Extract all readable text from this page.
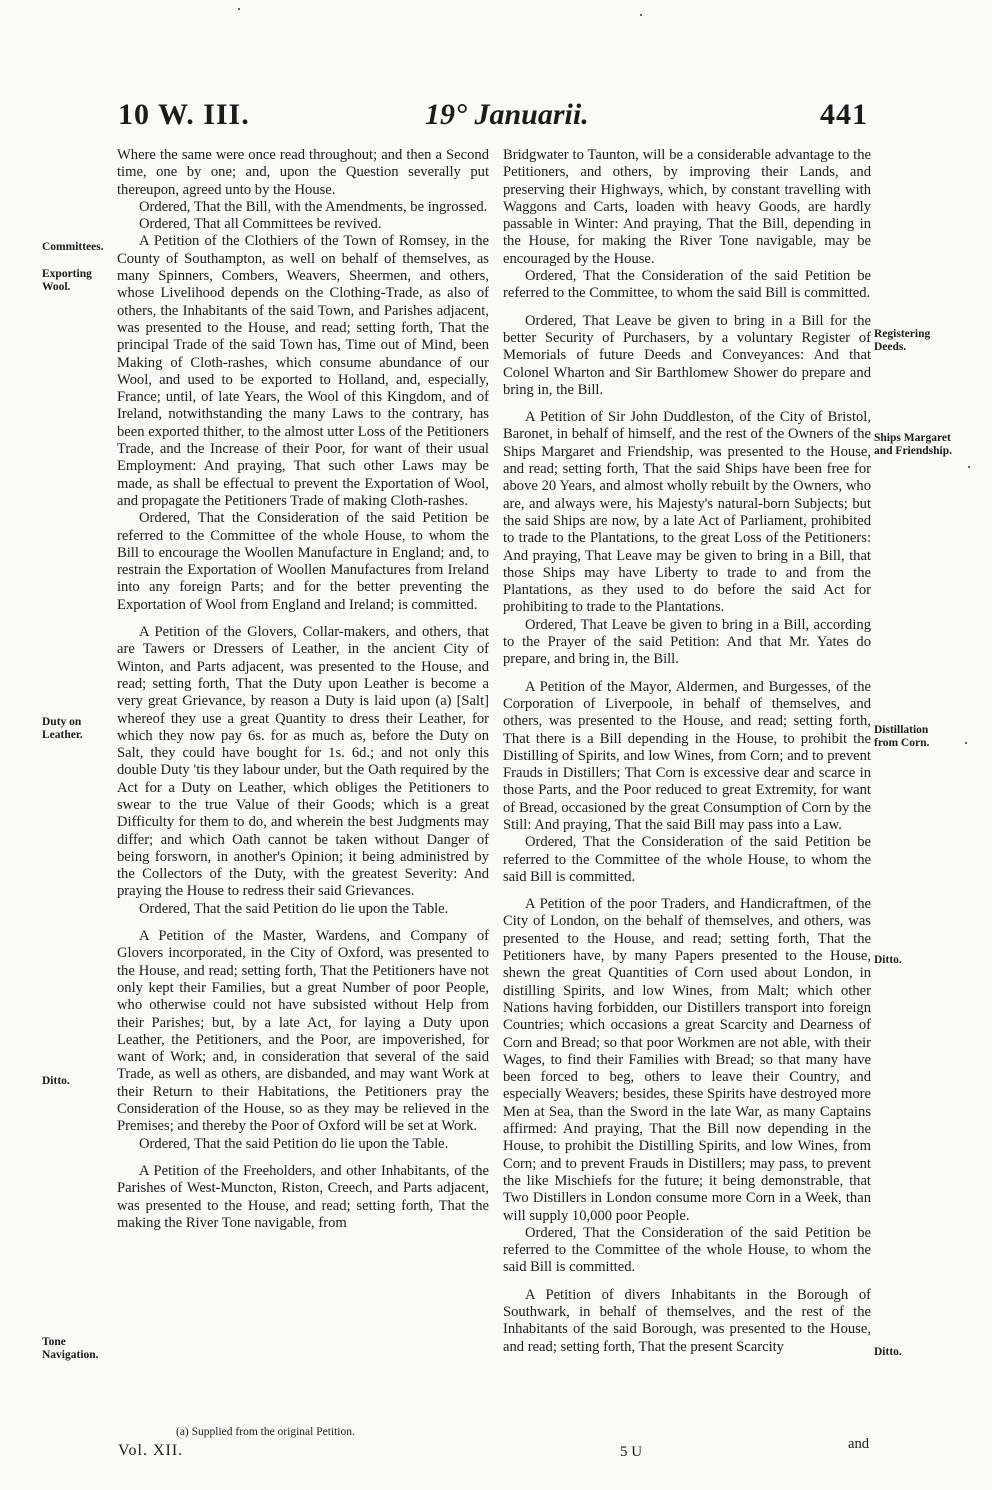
10 W. III.	19° Januarii.	441

Where the same were once read throughout; and then a Second time, one by one; and, upon the Question severally put thereupon, agreed unto by the House.

Ordered, That the Bill, with the Amendments, be ingrossed.

Ordered, That all Committees be revived.

A Petition of the Clothiers of the Town of Romsey, in the County of Southampton, as well on behalf of themselves, as many Spinners, Combers, Weavers, Sheermen, and others, whose Livelihood depends on the Clothing-Trade, as also of others, the Inhabitants of the said Town, and Parishes adjacent, was presented to the House, and read; setting forth, That the principal Trade of the said Town has, Time out of Mind, been Making of Cloth-rashes, which consume abundance of our Wool, and used to be exported to Holland, and, especially, France; until, of late Years, the Wool of this Kingdom, and of Ireland, notwithstanding the many Laws to the contrary, has been exported thither, to the almost utter Loss of the Petitioners Trade, and the Increase of their Poor, for want of their usual Employment: And praying, That such other Laws may be made, as shall be effectual to prevent the Exportation of Wool, and propagate the Petitioners Trade of making Cloth-rashes.

Ordered, That the Consideration of the said Petition be referred to the Committee of the whole House, to whom the Bill to encourage the Woollen Manufacture in England; and, to restrain the Exportation of Woollen Manufactures from Ireland into any foreign Parts; and for the better preventing the Exportation of Wool from England and Ireland; is committed.

A Petition of the Glovers, Collar-makers, and others, that are Tawers or Dressers of Leather, in the ancient City of Winton, and Parts adjacent, was presented to the House, and read; setting forth, That the Duty upon Leather is become a very great Grievance, by reason a Duty is laid upon (a) [Salt] whereof they use a great Quantity to dress their Leather, for which they now pay 6s. for as much as, before the Duty on Salt, they could have bought for 1s. 6d.; and not only this double Duty 'tis they labour under, but the Oath required by the Act for a Duty on Leather, which obliges the Petitioners to swear to the true Value of their Goods; which is a great Difficulty for them to do, and wherein the best Judgments may differ; and which Oath cannot be taken without Danger of being forsworn, in another's Opinion; it being administred by the Collectors of the Duty, with the greatest Severity: And praying the House to redress their said Grievances.

Ordered, That the said Petition do lie upon the Table.

A Petition of the Master, Wardens, and Company of Glovers incorporated, in the City of Oxford, was presented to the House, and read; setting forth, That the Petitioners have not only kept their Families, but a great Number of poor People, who otherwise could not have subsisted without Help from their Parishes; but, by a late Act, for laying a Duty upon Leather, the Petitioners, and the Poor, are impoverished, for want of Work; and, in consideration that several of the said Trade, as well as others, are disbanded, and may want Work at their Return to their Habitations, the Petitioners pray the Consideration of the House, so as they may be relieved in the Premises; and thereby the Poor of Oxford will be set at Work.

Ordered, That the said Petition do lie upon the Table.

A Petition of the Freeholders, and other Inhabitants, of the Parishes of West-Muncton, Riston, Creech, and Parts adjacent, was presented to the House, and read; setting forth, That the making the River Tone navigable, from

Bridgwater to Taunton, will be a considerable advantage to the Petitioners, and others, by improving their Lands, and preserving their Highways, which, by constant travelling with Waggons and Carts, loaden with heavy Goods, are hardly passable in Winter: And praying, That the Bill, depending in the House, for making the River Tone navigable, may be encouraged by the House.

Ordered, That the Consideration of the said Petition be referred to the Committee, to whom the said Bill is committed.

Ordered, That Leave be given to bring in a Bill for the better Security of Purchasers, by a voluntary Register of Memorials of future Deeds and Conveyances: And that Colonel Wharton and Sir Barthlomew Shower do prepare and bring in, the Bill.

A Petition of Sir John Duddleston, of the City of Bristol, Baronet, in behalf of himself, and the rest of the Owners of the Ships Margaret and Friendship, was presented to the House, and read; setting forth, That the said Ships have been free for above 20 Years, and almost wholly rebuilt by the Owners, who are, and always were, his Majesty's natural-born Subjects; but the said Ships are now, by a late Act of Parliament, prohibited to trade to the Plantations, to the great Loss of the Petitioners: And praying, That Leave may be given to bring in a Bill, that those Ships may have Liberty to trade to and from the Plantations, as they used to do before the said Act for prohibiting to trade to the Plantations.

Ordered, That Leave be given to bring in a Bill, according to the Prayer of the said Petition: And that Mr. Yates do prepare, and bring in, the Bill.

A Petition of the Mayor, Aldermen, and Burgesses, of the Corporation of Liverpoole, in behalf of themselves, and others, was presented to the House, and read; setting forth, That there is a Bill depending in the House, to prohibit the Distilling of Spirits, and low Wines, from Corn; and to prevent Frauds in Distillers; That Corn is excessive dear and scarce in those Parts, and the Poor reduced to great Extremity, for want of Bread, occasioned by the great Consumption of Corn by the Still: And praying, That the said Bill may pass into a Law.

Ordered, That the Consideration of the said Petition be referred to the Committee of the whole House, to whom the said Bill is committed.

A Petition of the poor Traders, and Handicraftmen, of the City of London, on the behalf of themselves, and others, was presented to the House, and read; setting forth, That the Petitioners have, by many Papers presented to the House, shewn the great Quantities of Corn used about London, in distilling Spirits, and low Wines, from Malt; which other Nations having forbidden, our Distillers transport into foreign Countries; which occasions a great Scarcity and Dearness of Corn and Bread; so that poor Workmen are not able, with their Wages, to find their Families with Bread; so that many have been forced to beg, others to leave their Country, and especially Weavers; besides, these Spirits have destroyed more Men at Sea, than the Sword in the late War, as many Captains affirmed: And praying, That the Bill now depending in the House, to prohibit the Distilling Spirits, and low Wines, from Corn; and to prevent Frauds in Distillers; may pass, to prevent the like Mischiefs for the future; it being demonstrable, that Two Distillers in London consume more Corn in a Week, than will supply 10,000 poor People.

Ordered, That the Consideration of the said Petition be referred to the Committee of the whole House, to whom the said Bill is committed.

A Petition of divers Inhabitants in the Borough of Southwark, in behalf of themselves, and the rest of the Inhabitants of the said Borough, was presented to the House, and read; setting forth, That the present Scarcity

Committees.
Exporting Wool.
Duty on Leather.
Ditto.
Tone Navigation.
Registering Deeds.
Ships Margaret and Friendship.
Distillation from Corn.
Ditto.
Ditto.
(a) Supplied from the original Petition.
Vol. XII.	5 U	and
